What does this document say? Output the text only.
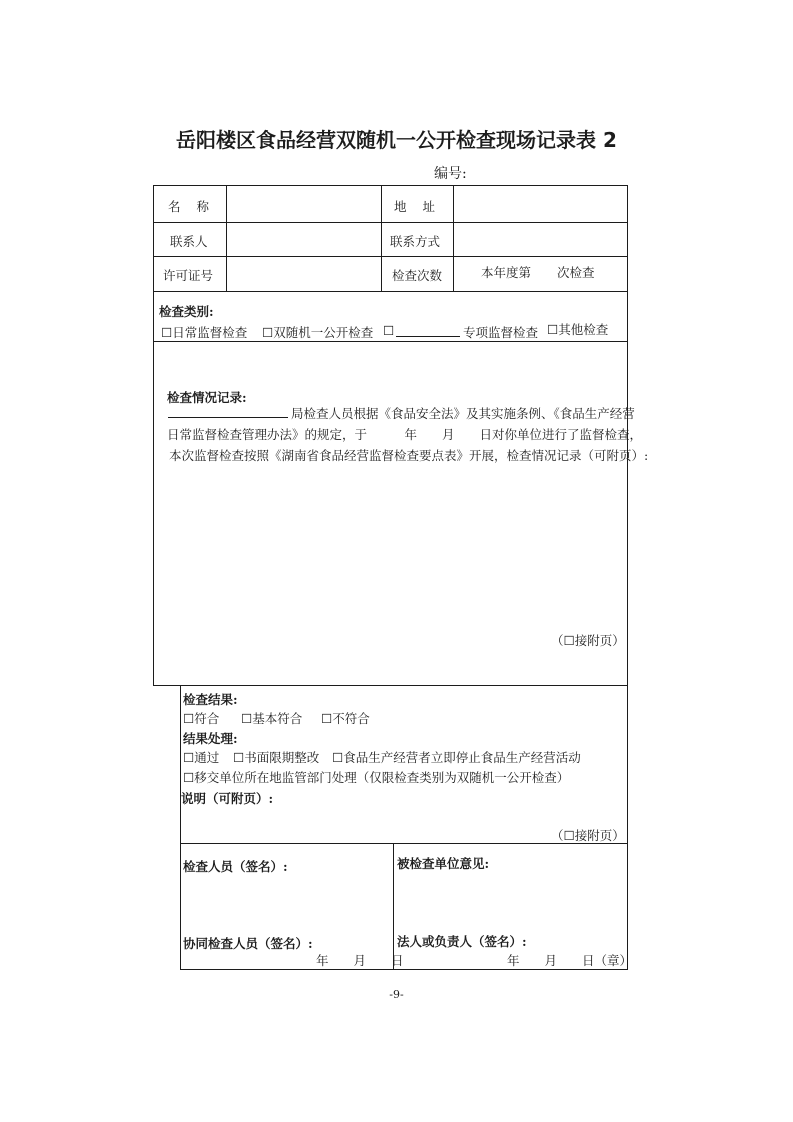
岳阳楼区食品经营双随机一公开检查现场记录表 2
编号:
名 称	地 址
联系人	联系方式
许可证号	检查次数	本年度第 次检查
检查类别:
☐日常监督检查 ☐双随机一公开检查 ☐	专项监督检查 ☐其他检查
检查情况记录:
局检查人员根据《食品安全法》及其实施条例、《食品生产经营
日常监督检查管理办法》的规定，于　　　年　　月　　日对你单位进行了监督检查，
本次监督检查按照《湖南省食品经营监督检查要点表》开展，检查情况记录（可附页）:
（☐接附页）
检查结果:
☐符合 ☐基本符合 ☐不符合
结果处理:
☐通过 ☐书面限期整改 ☐食品生产经营者立即停止食品生产经营活动
☐移交单位所在地监管部门处理（仅限检查类别为双随机一公开检查）
说明（可附页）:
（☐接附页）
检查人员（签名）:
协同检查人员（签名）:
年　　月　　日
被检查单位意见:
法人或负责人（签名）:
年　　月　　日（章）
-9-
